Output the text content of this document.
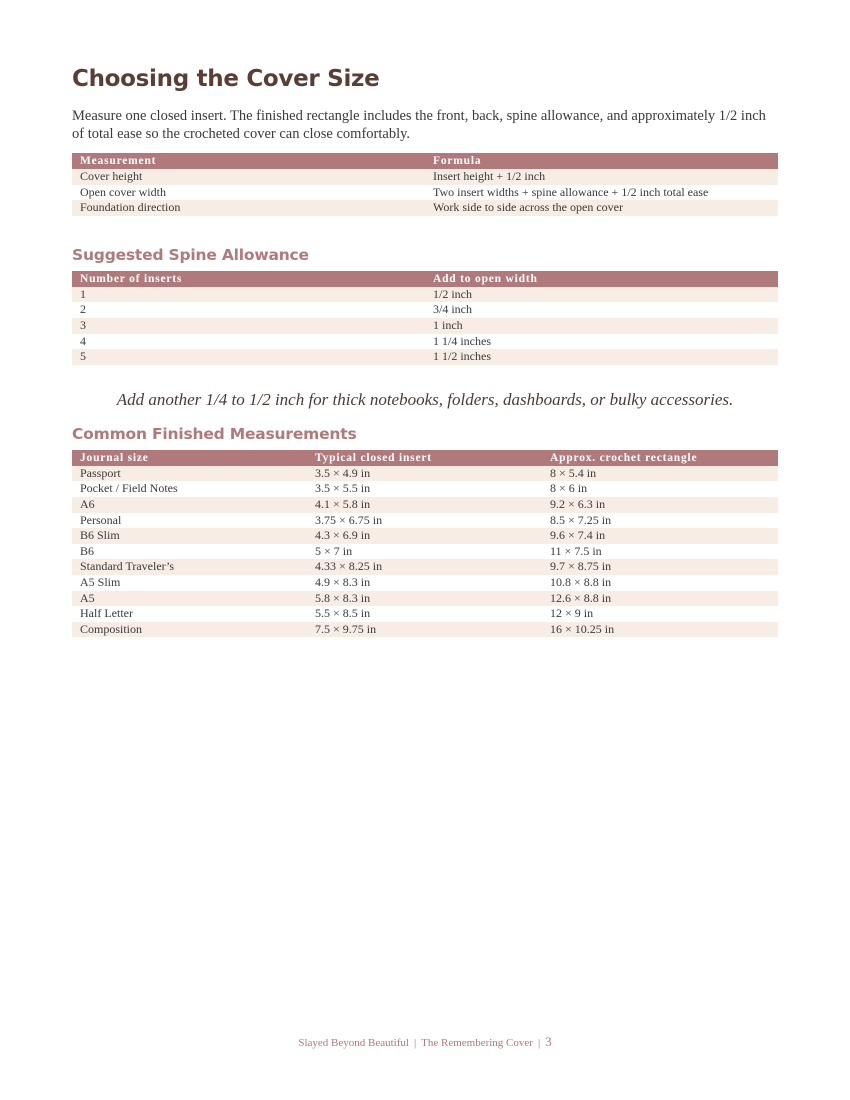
Choosing the Cover Size

Measure one closed insert. The finished rectangle includes the front, back, spine allowance, and approximately 1/2 inch of total ease so the crocheted cover can close comfortably.

Measurement	Formula
Cover height	Insert height + 1/2 inch
Open cover width	Two insert widths + spine allowance + 1/2 inch total ease
Foundation direction	Work side to side across the open cover
Suggested Spine Allowance
Number of inserts	Add to open width
1	1/2 inch
2	3/4 inch
3	1 inch
4	1 1/4 inches
5	1 1/2 inches

Add another 1/4 to 1/2 inch for thick notebooks, folders, dashboards, or bulky accessories.

Common Finished Measurements
Journal size	Typical closed insert	Approx. crochet rectangle
Passport	3.5 × 4.9 in	8 × 5.4 in
Pocket / Field Notes	3.5 × 5.5 in	8 × 6 in
A6	4.1 × 5.8 in	9.2 × 6.3 in
Personal	3.75 × 6.75 in	8.5 × 7.25 in
B6 Slim	4.3 × 6.9 in	9.6 × 7.4 in
B6	5 × 7 in	11 × 7.5 in
Standard Traveler’s	4.33 × 8.25 in	9.7 × 8.75 in
A5 Slim	4.9 × 8.3 in	10.8 × 8.8 in
A5	5.8 × 8.3 in	12.6 × 8.8 in
Half Letter	5.5 × 8.5 in	12 × 9 in
Composition	7.5 × 9.75 in	16 × 10.25 in
Slayed Beyond Beautiful | The Remembering Cover | 3
